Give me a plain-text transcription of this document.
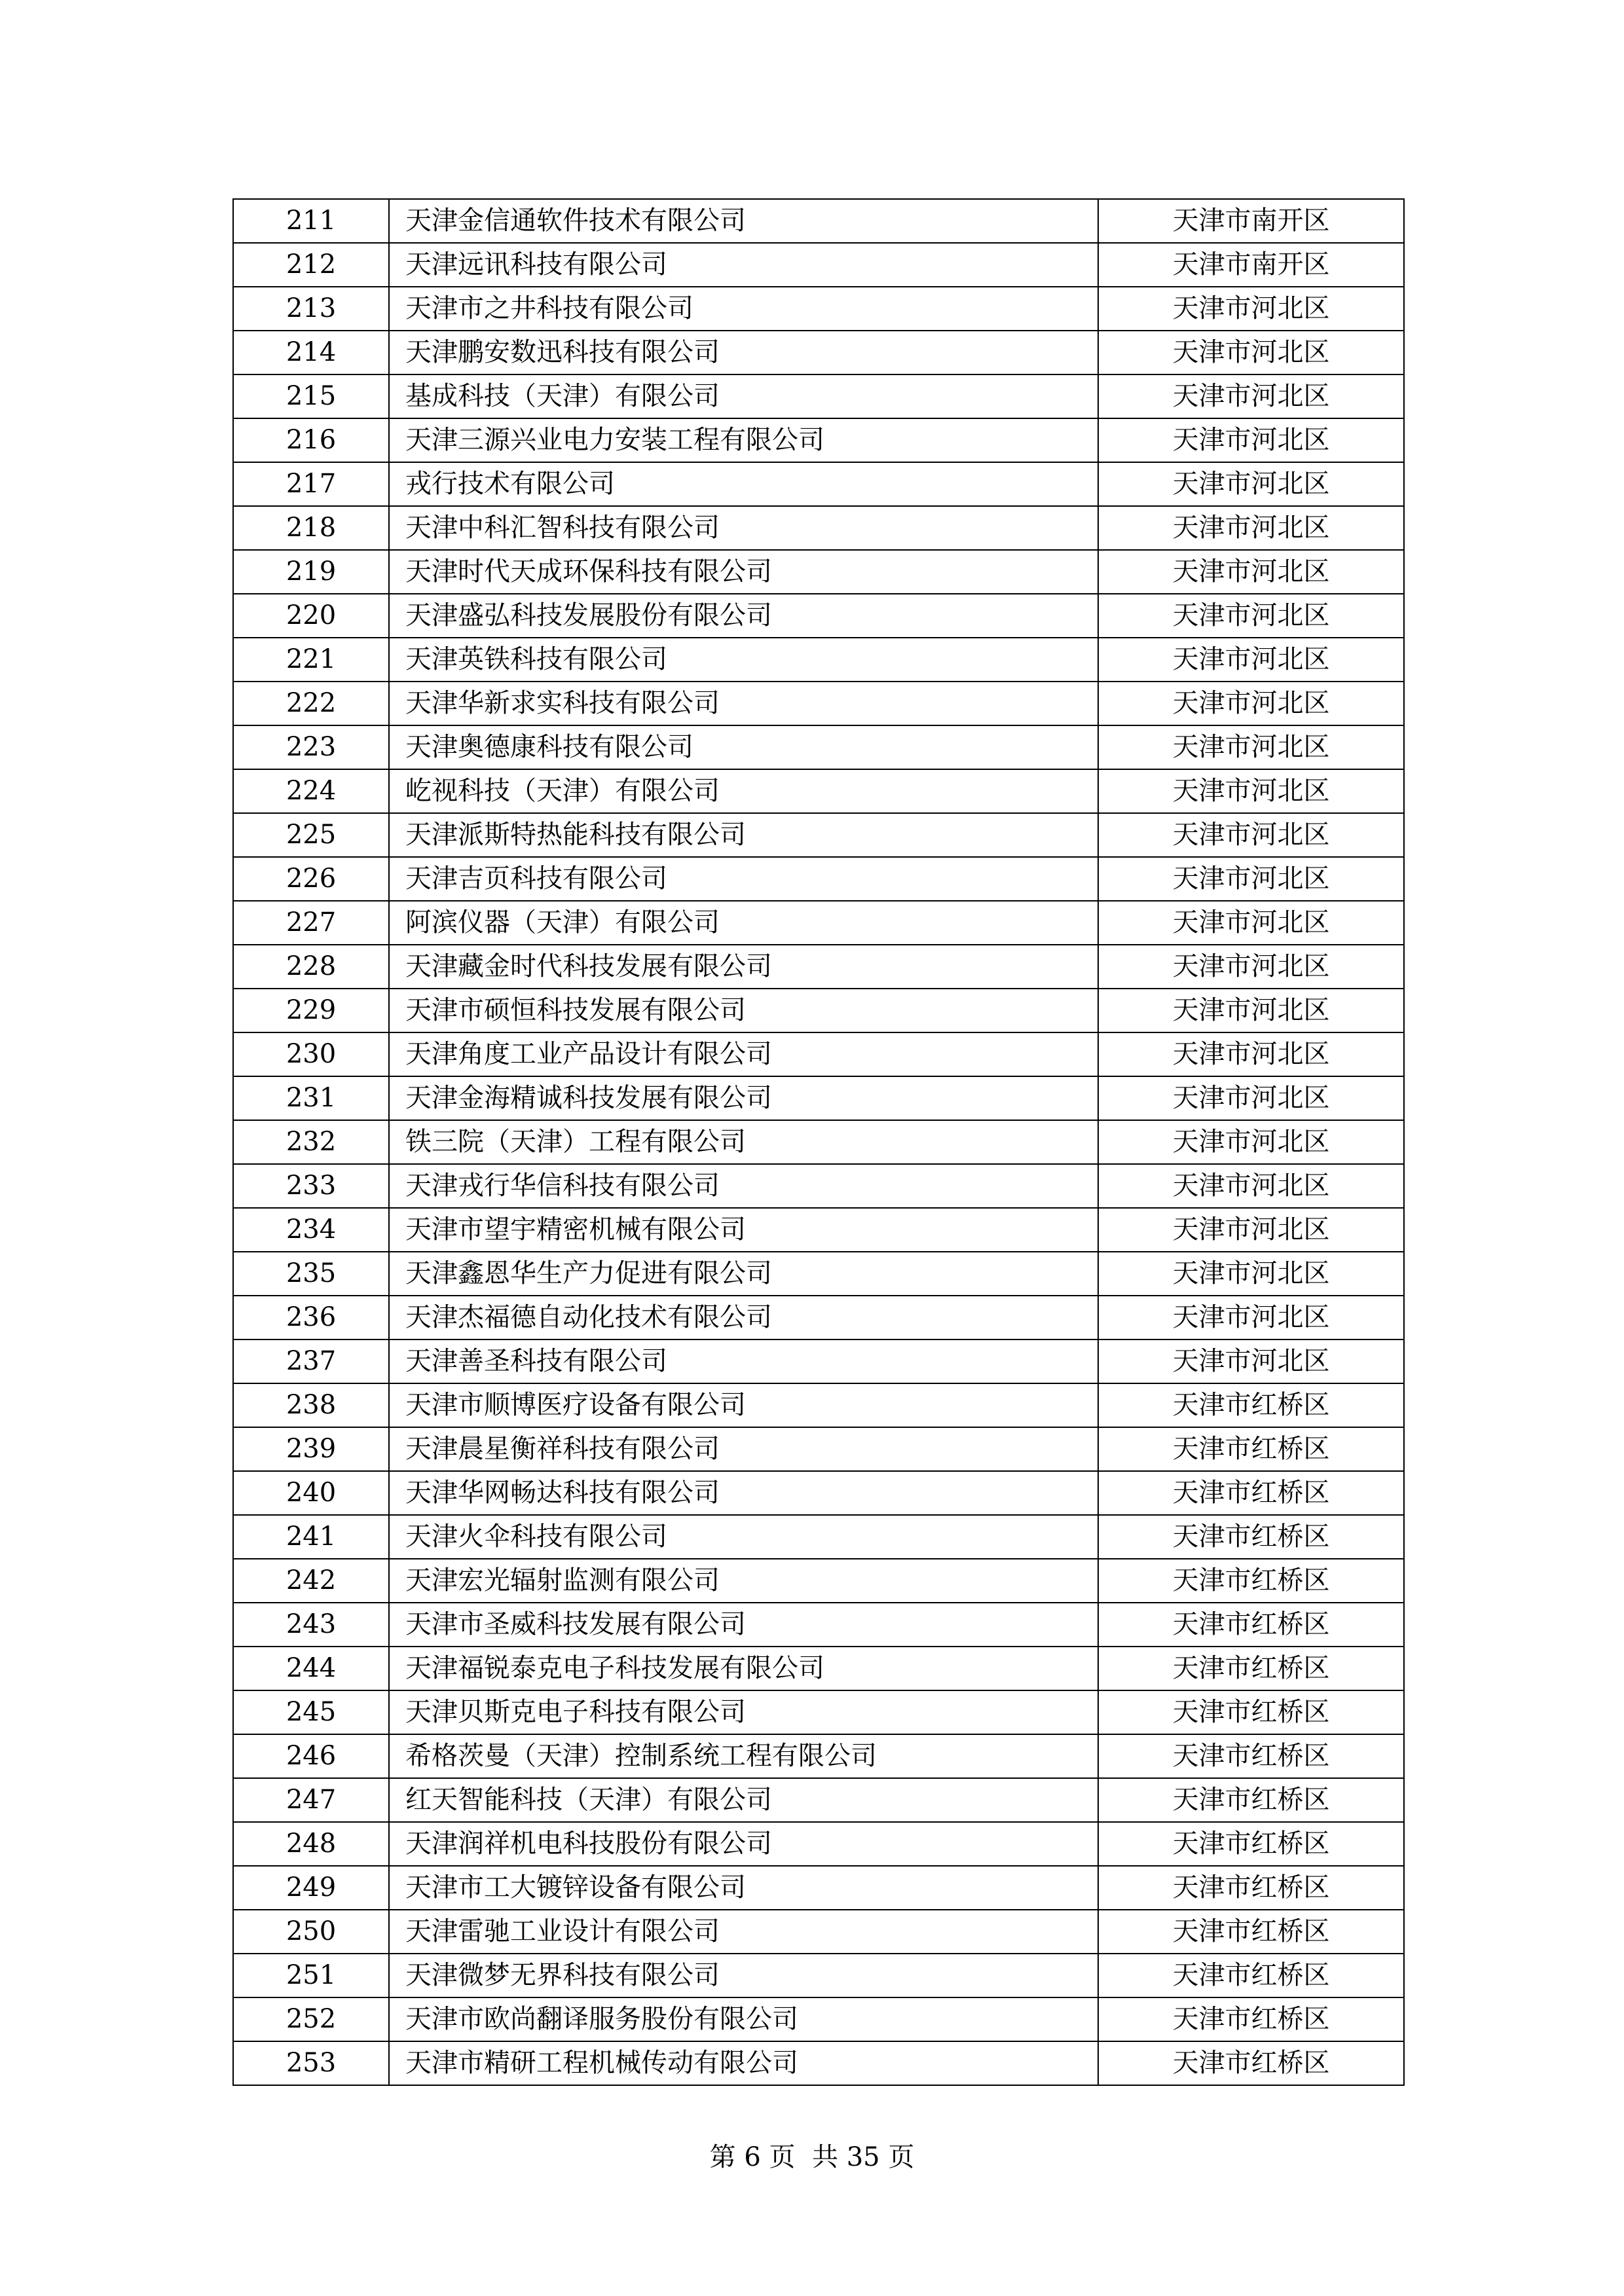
211	天津金信通软件技术有限公司	天津市南开区
212	天津远讯科技有限公司	天津市南开区
213	天津市之井科技有限公司	天津市河北区
214	天津鹏安数迅科技有限公司	天津市河北区
215	基成科技（天津）有限公司	天津市河北区
216	天津三源兴业电力安装工程有限公司	天津市河北区
217	戎行技术有限公司	天津市河北区
218	天津中科汇智科技有限公司	天津市河北区
219	天津时代天成环保科技有限公司	天津市河北区
220	天津盛弘科技发展股份有限公司	天津市河北区
221	天津英铁科技有限公司	天津市河北区
222	天津华新求实科技有限公司	天津市河北区
223	天津奥德康科技有限公司	天津市河北区
224	屹视科技（天津）有限公司	天津市河北区
225	天津派斯特热能科技有限公司	天津市河北区
226	天津吉页科技有限公司	天津市河北区
227	阿滨仪器（天津）有限公司	天津市河北区
228	天津藏金时代科技发展有限公司	天津市河北区
229	天津市硕恒科技发展有限公司	天津市河北区
230	天津角度工业产品设计有限公司	天津市河北区
231	天津金海精诚科技发展有限公司	天津市河北区
232	铁三院（天津）工程有限公司	天津市河北区
233	天津戎行华信科技有限公司	天津市河北区
234	天津市望宇精密机械有限公司	天津市河北区
235	天津鑫恩华生产力促进有限公司	天津市河北区
236	天津杰福德自动化技术有限公司	天津市河北区
237	天津善圣科技有限公司	天津市河北区
238	天津市顺博医疗设备有限公司	天津市红桥区
239	天津晨星衡祥科技有限公司	天津市红桥区
240	天津华网畅达科技有限公司	天津市红桥区
241	天津火伞科技有限公司	天津市红桥区
242	天津宏光辐射监测有限公司	天津市红桥区
243	天津市圣威科技发展有限公司	天津市红桥区
244	天津福锐泰克电子科技发展有限公司	天津市红桥区
245	天津贝斯克电子科技有限公司	天津市红桥区
246	希格茨曼（天津）控制系统工程有限公司	天津市红桥区
247	红天智能科技（天津）有限公司	天津市红桥区
248	天津润祥机电科技股份有限公司	天津市红桥区
249	天津市工大镀锌设备有限公司	天津市红桥区
250	天津雷驰工业设计有限公司	天津市红桥区
251	天津微梦无界科技有限公司	天津市红桥区
252	天津市欧尚翻译服务股份有限公司	天津市红桥区
253	天津市精研工程机械传动有限公司	天津市红桥区
第 6 页  共 35 页
